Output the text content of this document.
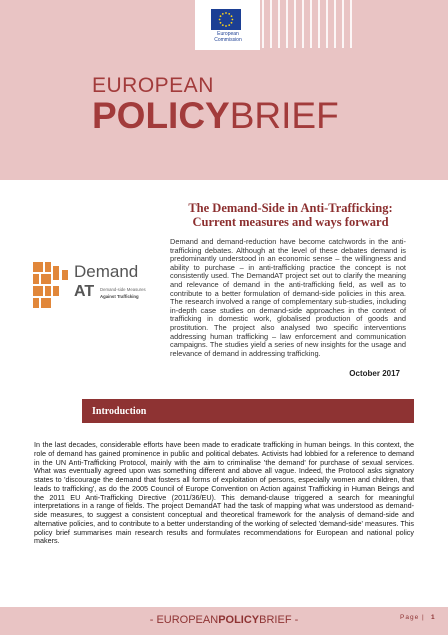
European
Commission
EUROPEAN
POLICYBRIEF
The Demand-Side in Anti-Trafficking:
Current measures and ways forward
Demand
AT Demand-side Measures
Against Trafficking
Demand and demand-reduction have become catchwords in the anti-trafficking debates. Although at the level of these debates demand is predominantly understood in an economic sense – the willingness and ability to purchase – in anti-trafficking practice the concept is not consistently used. The DemandAT project set out to clarify the meaning and relevance of demand in the anti-trafficking field, as well as to contribute to a better formulation of demand-side policies in this area. The research involved a range of complementary sub-studies, including in-depth case studies on demand-side approaches in the context of trafficking in domestic work, globalised production of goods and prostitution. The project also analysed two specific interventions addressing human trafficking – law enforcement and communication campaigns. The studies yield a series of new insights for the usage and relevance of demand in addressing trafficking.
October 2017
Introduction
In the last decades, considerable efforts have been made to eradicate trafficking in human beings. In this context, the role of demand has gained prominence in public and political debates. Activists had lobbied for a reference to demand in the UN Anti-Trafficking Protocol, mainly with the aim to criminalise 'the demand' for purchase of sexual services. What was eventually agreed upon was something different and above all vague. Indeed, the Protocol asks signatory states to 'discourage the demand that fosters all forms of exploitation of persons, especially women and children, that leads to trafficking', as do the 2005 Council of Europe Convention on Action against Trafficking in Human Beings and the 2011 EU Anti-Trafficking Directive (2011/36/EU). This demand-clause triggered a search for meaningful interpretations in a range of fields. The project DemandAT had the task of mapping what was understood as demand-side measures, to suggest a consistent conceptual and theoretical framework for the analysis of demand-side and alternative policies, and to contribute to a better understanding of the working of selected 'demand-side' measures. This policy brief summarises main research results and formulates recommendations for European and national policy makers.
- EUROPEANPOLICYBRIEF -	Page | 1
